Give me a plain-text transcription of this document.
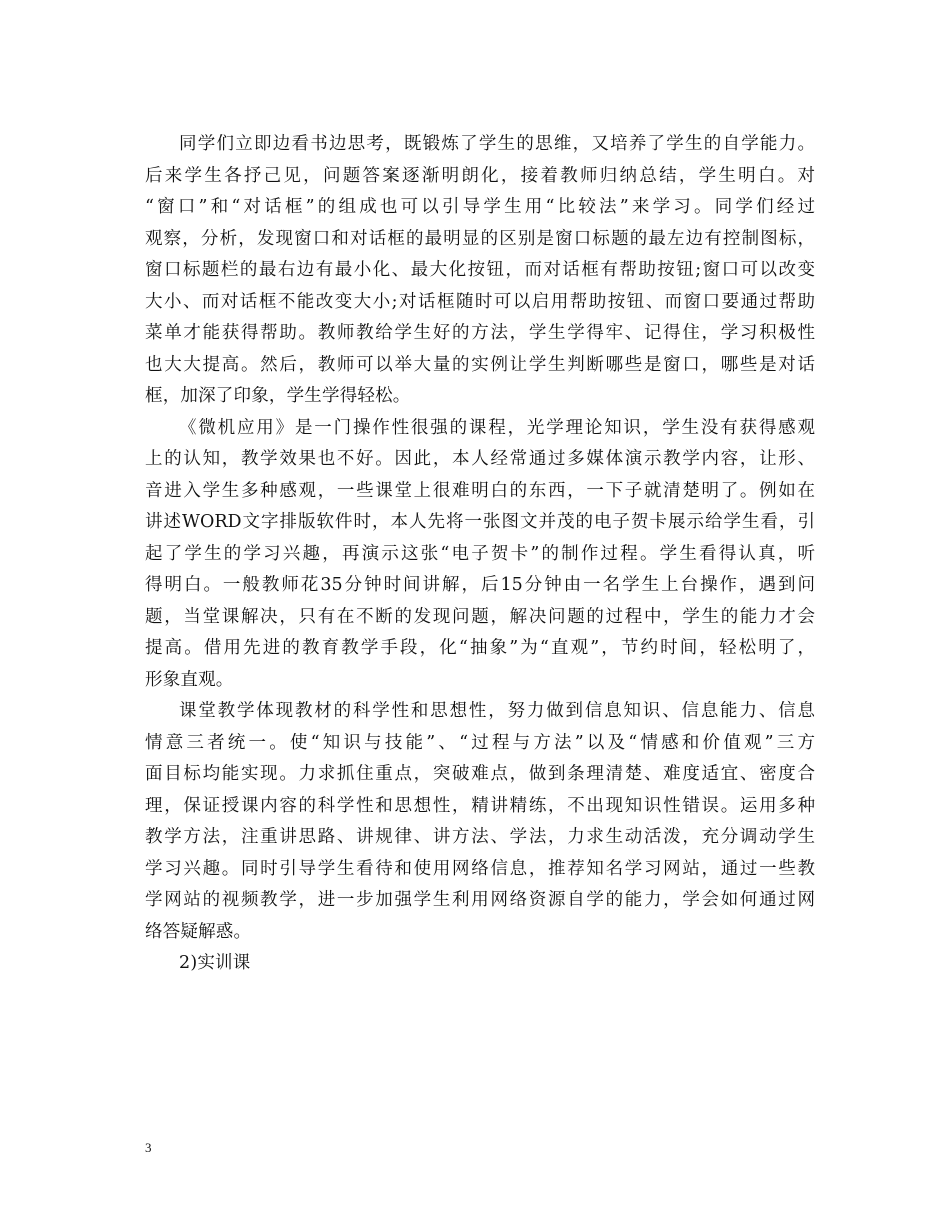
同学们立即边看书边思考，既锻炼了学生的思维，又培养了学生的自学能力。
后来学生各抒己见，问题答案逐渐明朗化，接着教师归纳总结，学生明白。对
“窗口”和“对话框”的组成也可以引导学生用“比较法”来学习。同学们经过
观察，分析，发现窗口和对话框的最明显的区别是窗口标题的最左边有控制图标，
窗口标题栏的最右边有最小化、最大化按钮，而对话框有帮助按钮;窗口可以改变
大小、而对话框不能改变大小;对话框随时可以启用帮助按钮、而窗口要通过帮助
菜单才能获得帮助。教师教给学生好的方法，学生学得牢、记得住，学习积极性
也大大提高。然后，教师可以举大量的实例让学生判断哪些是窗口，哪些是对话
框，加深了印象，学生学得轻松。
《微机应用》是一门操作性很强的课程，光学理论知识，学生没有获得感观
上的认知，教学效果也不好。因此，本人经常通过多媒体演示教学内容，让形、
音进入学生多种感观，一些课堂上很难明白的东西，一下子就清楚明了。例如在
讲述WORD文字排版软件时，本人先将一张图文并茂的电子贺卡展示给学生看，引
起了学生的学习兴趣，再演示这张“电子贺卡”的制作过程。学生看得认真，听
得明白。一般教师花35分钟时间讲解，后15分钟由一名学生上台操作，遇到问
题，当堂课解决，只有在不断的发现问题，解决问题的过程中，学生的能力才会
提高。借用先进的教育教学手段，化“抽象”为“直观”，节约时间，轻松明了，
形象直观。
课堂教学体现教材的科学性和思想性，努力做到信息知识、信息能力、信息
情意三者统一。使“知识与技能”、“过程与方法”以及“情感和价值观”三方
面目标均能实现。力求抓住重点，突破难点，做到条理清楚、难度适宜、密度合
理，保证授课内容的科学性和思想性，精讲精练，不出现知识性错误。运用多种
教学方法，注重讲思路、讲规律、讲方法、学法，力求生动活泼，充分调动学生
学习兴趣。同时引导学生看待和使用网络信息，推荐知名学习网站，通过一些教
学网站的视频教学，进一步加强学生利用网络资源自学的能力，学会如何通过网
络答疑解惑。
2)实训课
3
